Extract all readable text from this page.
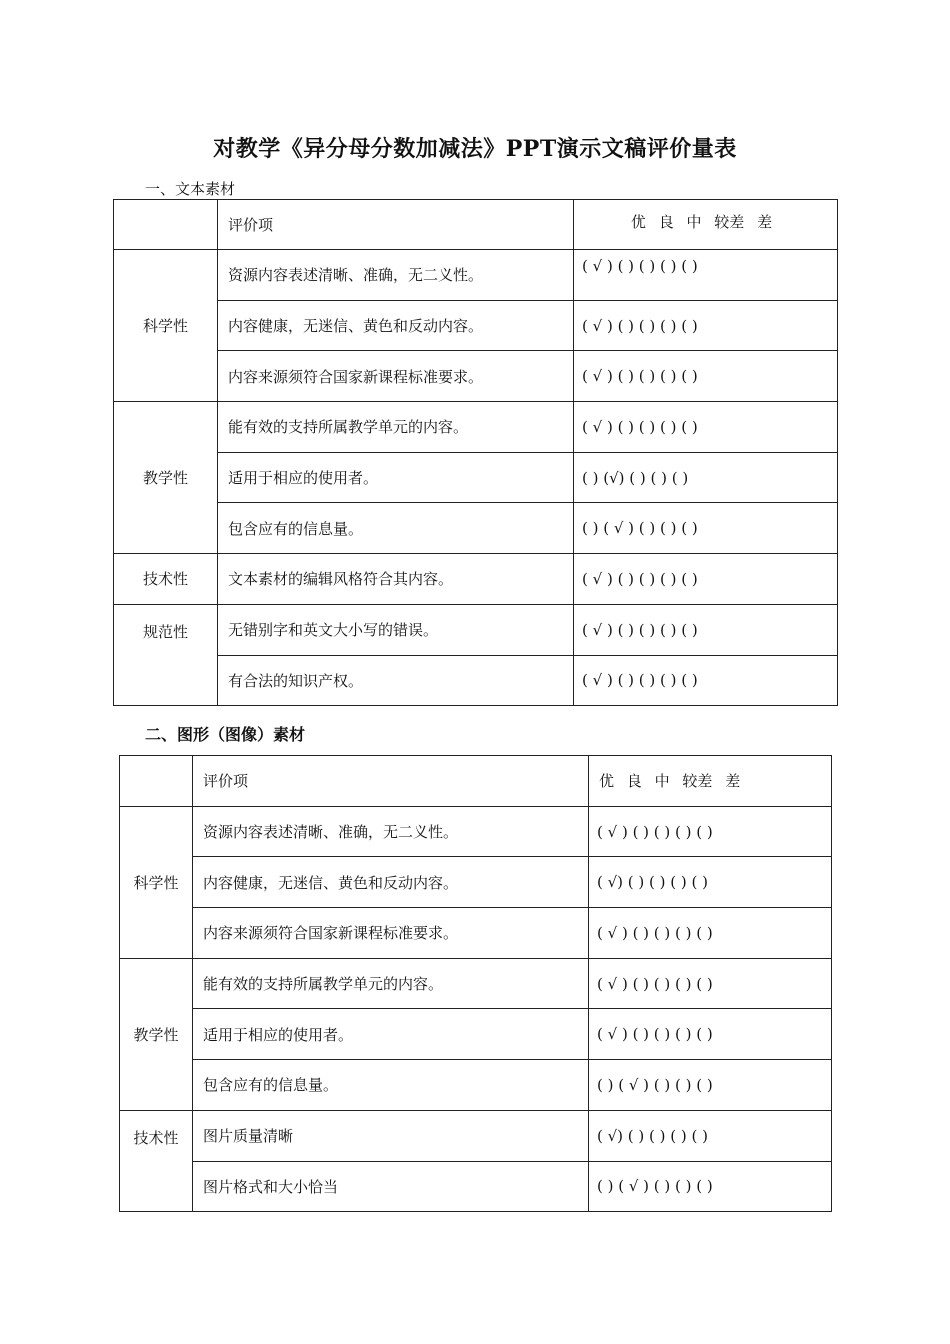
对教学《异分母分数加减法》PPT演示文稿评价量表
一、文本素材
	评价项	优 良 中 较差 差
科学性	资源内容表述清晰、准确，无二义性。	( √ ) ( ) ( ) ( ) ( )
	内容健康，无迷信、黄色和反动内容。	( √ ) ( ) ( ) ( ) ( )
	内容来源须符合国家新课程标准要求。	( √ ) ( ) ( ) ( ) ( )
教学性	能有效的支持所属教学单元的内容。	( √ ) ( ) ( ) ( ) ( )
	适用于相应的使用者。	( ) (√) ( ) ( ) ( )
	包含应有的信息量。	( ) ( √ ) ( ) ( ) ( )
技术性	文本素材的编辑风格符合其内容。	( √ ) ( ) ( ) ( ) ( )
规范性	无错别字和英文大小写的错误。	( √ ) ( ) ( ) ( ) ( )
	有合法的知识产权。	( √ ) ( ) ( ) ( ) ( )
二、图形（图像）素材
	评价项	优 良 中 较差 差
科学性	资源内容表述清晰、准确，无二义性。	( √ ) ( ) ( ) ( ) ( )
	内容健康，无迷信、黄色和反动内容。	( √) ( ) ( ) ( ) ( )
	内容来源须符合国家新课程标准要求。	( √ ) ( ) ( ) ( ) ( )
教学性	能有效的支持所属教学单元的内容。	( √ ) ( ) ( ) ( ) ( )
	适用于相应的使用者。	( √ ) ( ) ( ) ( ) ( )
	包含应有的信息量。	( ) ( √ ) ( ) ( ) ( )
技术性	图片质量清晰	( √) ( ) ( ) ( ) ( )
	图片格式和大小恰当	( ) ( √ ) ( ) ( ) ( )
